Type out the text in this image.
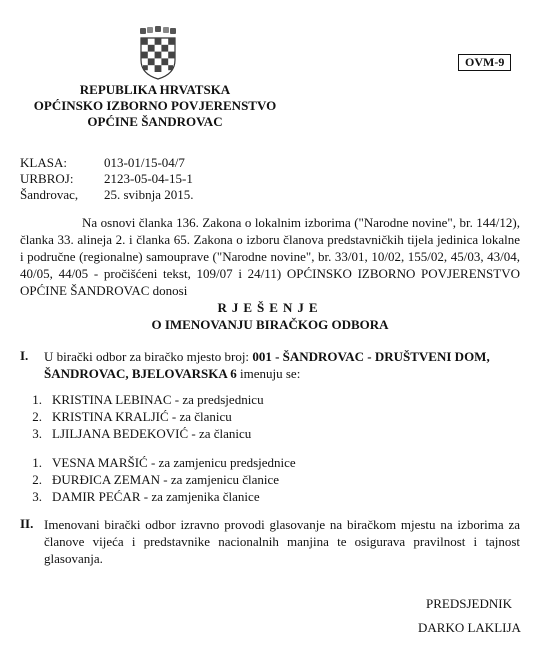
OVM-9
REPUBLIKA HRVATSKA
OPĆINSKO IZBORNO POVJERENSTVO
OPĆINE ŠANDROVAC
KLASA:	013-01/15-04/7
URBROJ: 2123-05-04-15-1
Šandrovac, 25. svibnja 2015.

Na osnovi članka 136. Zakona o lokalnim izborima ("Narodne novine", br. 144/12), članka 33. alineja 2. i članka 65. Zakona o izboru članova predstavničkih tijela jedinica lokalne i područne (regionalne) samouprave ("Narodne novine", br. 33/01, 10/02, 155/02, 45/03, 43/04, 40/05, 44/05 - pročišćeni tekst, 109/07 i 24/11) OPĆINSKO IZBORNO POVJERENSTVO OPĆINE ŠANDROVAC donosi

RJEŠENJE
O IMENOVANJU BIRAČKOG ODBORA
I. U birački odbor za biračko mjesto broj: 001 - ŠANDROVAC - DRUŠTVENI DOM,
ŠANDROVAC, BJELOVARSKA 6 imenuju se:

1. KRISTINA LEBINAC - za predsjednicu
2. KRISTINA KRALJIĆ - za članicu
3. LJILJANA BEDEKOVIĆ - za članicu
1. VESNA MARŠIĆ - za zamjenicu predsjednice
2. ĐURĐICA ZEMAN - za zamjenicu članice
3. DAMIR PEĆAR - za zamjenika članice
II. Imenovani birački odbor izravno provodi glasovanje na biračkom mjestu na izborima za članove vijeća i predstavnike nacionalnih manjina te osigurava pravilnost i tajnost glasovanja.

PREDSJEDNIK
DARKO LAKLIJA
